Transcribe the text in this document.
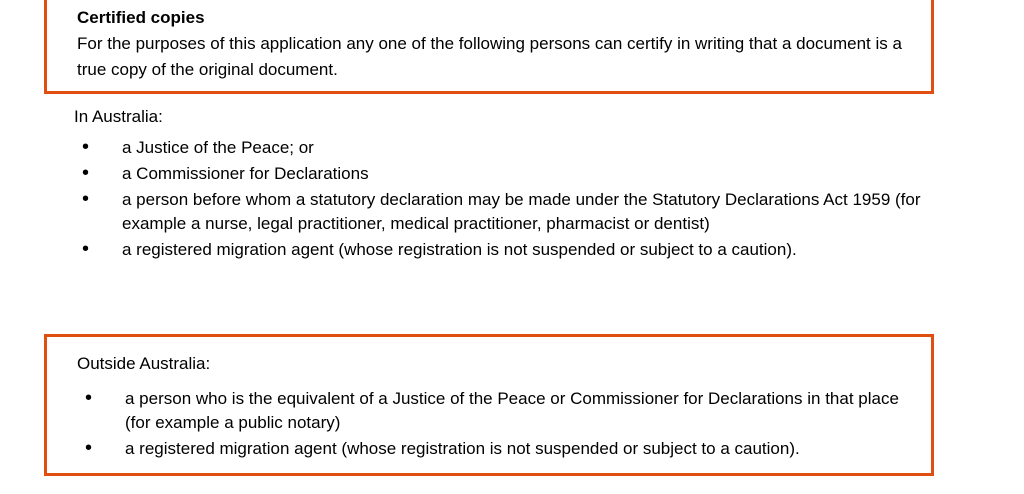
Certified copies

For the purposes of this application any one of the following persons can certify in writing that a document is a true copy of the original document.

In Australia:

• a Justice of the Peace; or
• a Commissioner for Declarations
• a person before whom a statutory declaration may be made under the Statutory Declarations Act 1959 (for example a nurse, legal practitioner, medical practitioner, pharmacist or dentist)
• a registered migration agent (whose registration is not suspended or subject to a caution).

Outside Australia:

• a person who is the equivalent of a Justice of the Peace or Commissioner for Declarations in that place (for example a public notary)
• a registered migration agent (whose registration is not suspended or subject to a caution).
